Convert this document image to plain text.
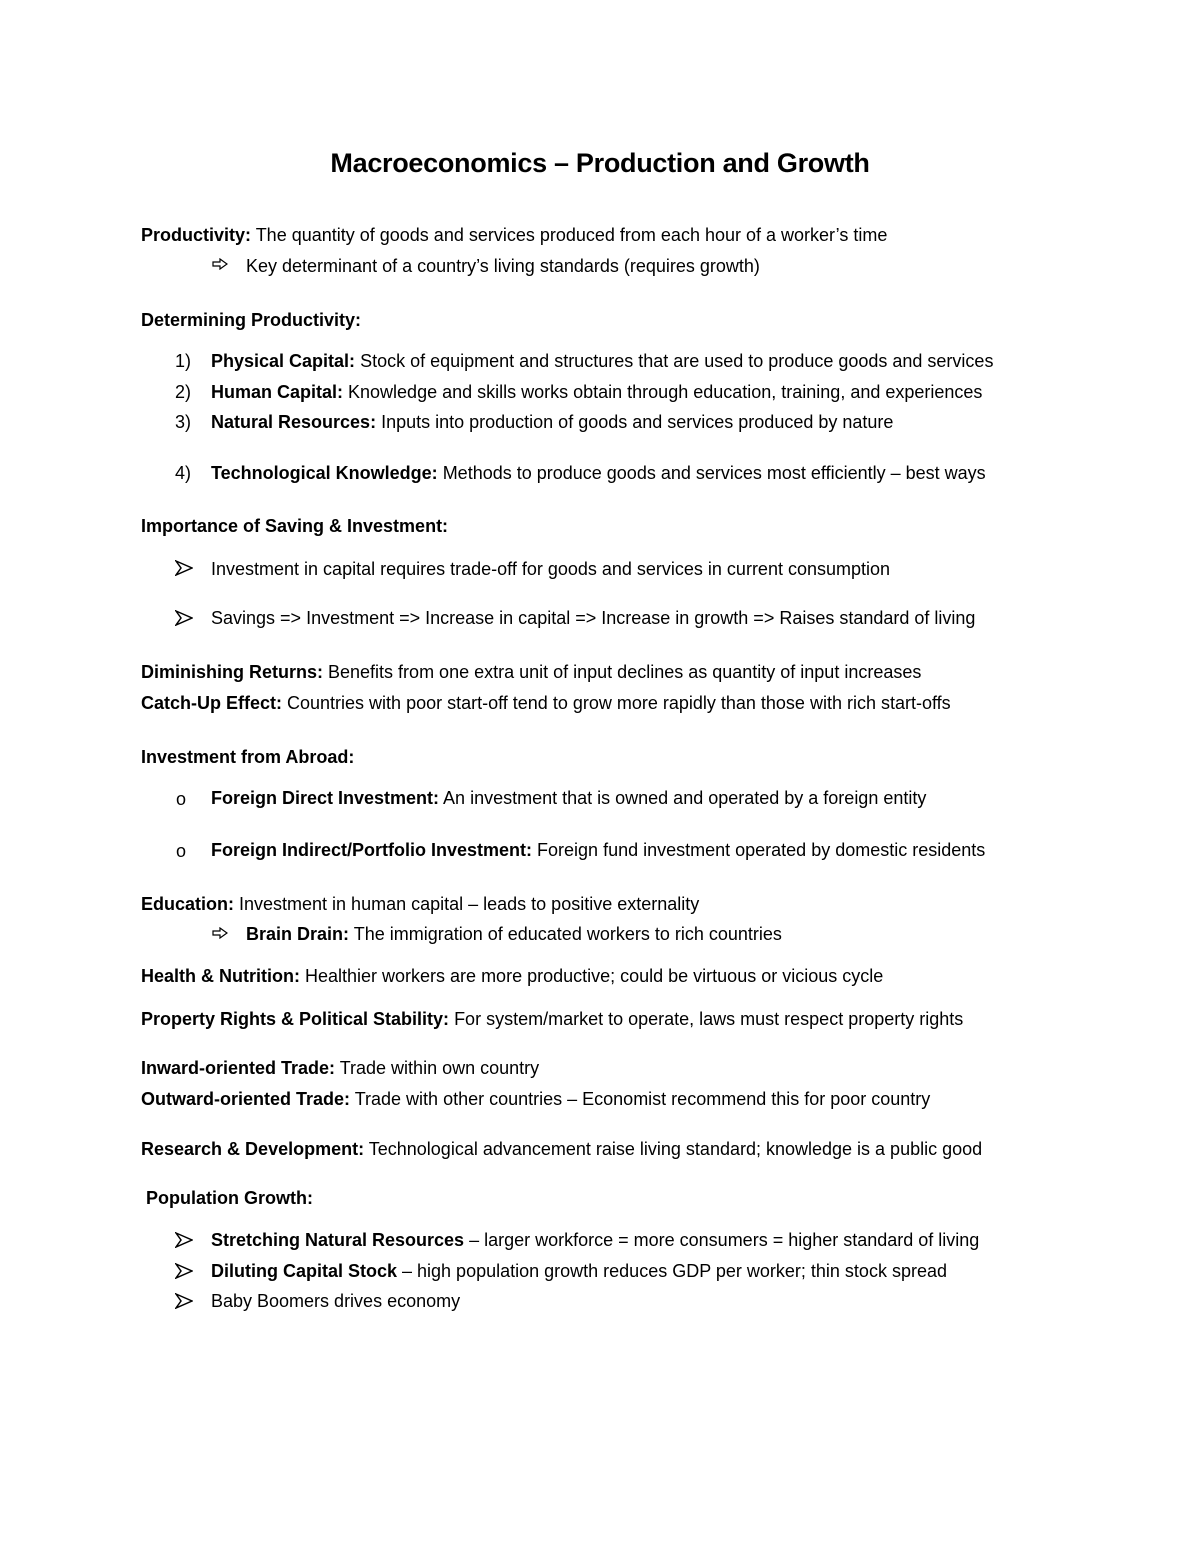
Macroeconomics – Production and Growth
Productivity: The quantity of goods and services produced from each hour of a worker’s time
Key determinant of a country’s living standards (requires growth)
Determining Productivity:
1) Physical Capital: Stock of equipment and structures that are used to produce goods and services
2) Human Capital: Knowledge and skills works obtain through education, training, and experiences
3) Natural Resources: Inputs into production of goods and services produced by nature
4) Technological Knowledge: Methods to produce goods and services most efficiently – best ways
Importance of Saving & Investment:
Investment in capital requires trade-off for goods and services in current consumption
Savings => Investment => Increase in capital => Increase in growth => Raises standard of living
Diminishing Returns: Benefits from one extra unit of input declines as quantity of input increases
Catch-Up Effect: Countries with poor start-off tend to grow more rapidly than those with rich start-offs
Investment from Abroad:
o Foreign Direct Investment: An investment that is owned and operated by a foreign entity
o Foreign Indirect/Portfolio Investment: Foreign fund investment operated by domestic residents
Education: Investment in human capital – leads to positive externality
Brain Drain: The immigration of educated workers to rich countries
Health & Nutrition: Healthier workers are more productive; could be virtuous or vicious cycle
Property Rights & Political Stability: For system/market to operate, laws must respect property rights
Inward-oriented Trade: Trade within own country
Outward-oriented Trade: Trade with other countries – Economist recommend this for poor country
Research & Development: Technological advancement raise living standard; knowledge is a public good
Population Growth:
Stretching Natural Resources – larger workforce = more consumers = higher standard of living
Diluting Capital Stock – high population growth reduces GDP per worker; thin stock spread
Baby Boomers drives economy
